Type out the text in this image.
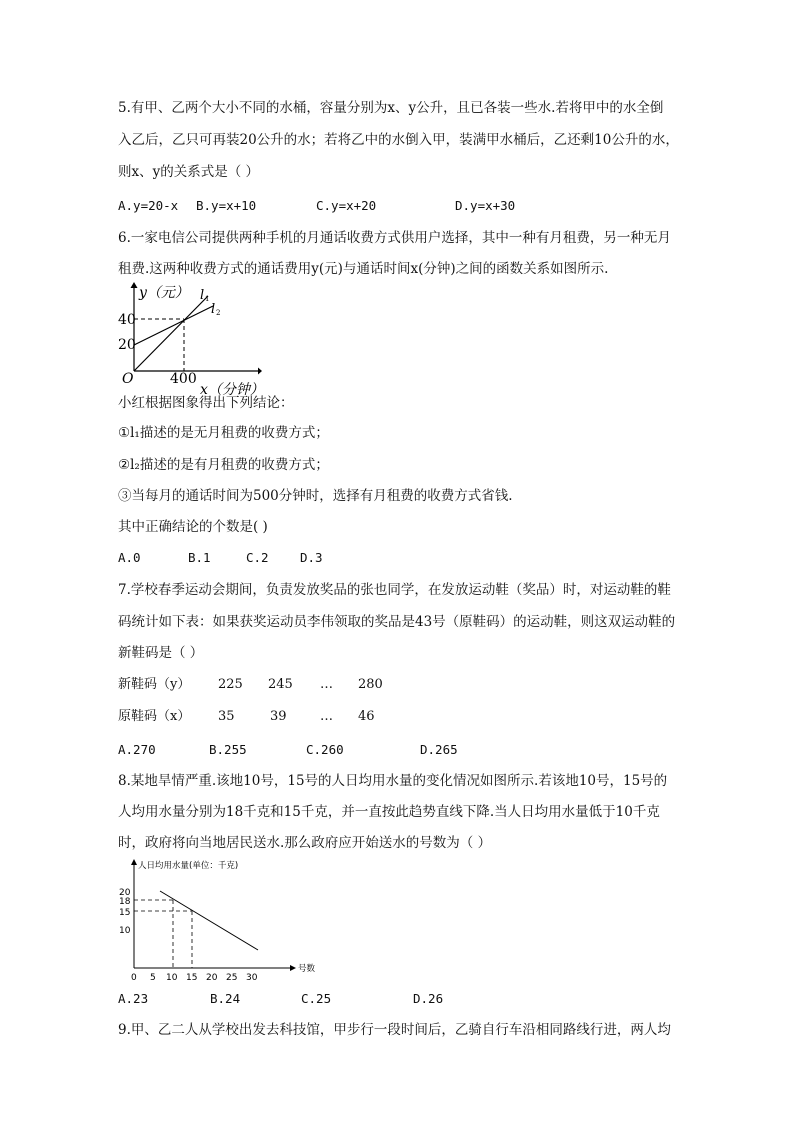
5.有甲、乙两个大小不同的水桶，容量分别为x、y公升，且已各装一些水.若将甲中的水全倒
入乙后，乙只可再装20公升的水；若将乙中的水倒入甲，装满甲水桶后，乙还剩10公升的水，
则x、y的关系式是（ ）
A.y=20-x B.y=x+10	C.y=x+20	D.y=x+30
6.一家电信公司提供两种手机的月通话收费方式供用户选择，其中一种有月租费，另一种无月
租费.这两种收费方式的通话费用y(元)与通话时间x(分钟)之间的函数关系如图所示.
y（元）
x（分钟）
O
40
20
400
l 1
l 2
小红根据图象得出下列结论：
①l₁描述的是无月租费的收费方式；
②l₂描述的是有月租费的收费方式；
③当每月的通话时间为500分钟时，选择有月租费的收费方式省钱.
其中正确结论的个数是( )
A.0	B.1	C.2	D.3
7.学校春季运动会期间，负责发放奖品的张也同学，在发放运动鞋（奖品）时，对运动鞋的鞋
码统计如下表：如果获奖运动员李伟领取的奖品是43号（原鞋码）的运动鞋，则这双运动鞋的
新鞋码是（ ）
新鞋码（y） 225 245 … 280
原鞋码（x） 35	39	… 46
A.270	B.255	C.260	D.265
8.某地旱情严重.该地10号，15号的人日均用水量的变化情况如图所示.若该地10号，15号的
人均用水量分别为18千克和15千克，并一直按此趋势直线下降.当人日均用水量低于10千克
时，政府将向当地居民送水.那么政府应开始送水的号数为（ ）
人日均用水量(单位：千克)
号数
20
18
15
10
0 5 10 15 20 25 30
A.23	B.24	C.25	D.26
9.甲、乙二人从学校出发去科技馆，甲步行一段时间后，乙骑自行车沿相同路线行进，两人均
